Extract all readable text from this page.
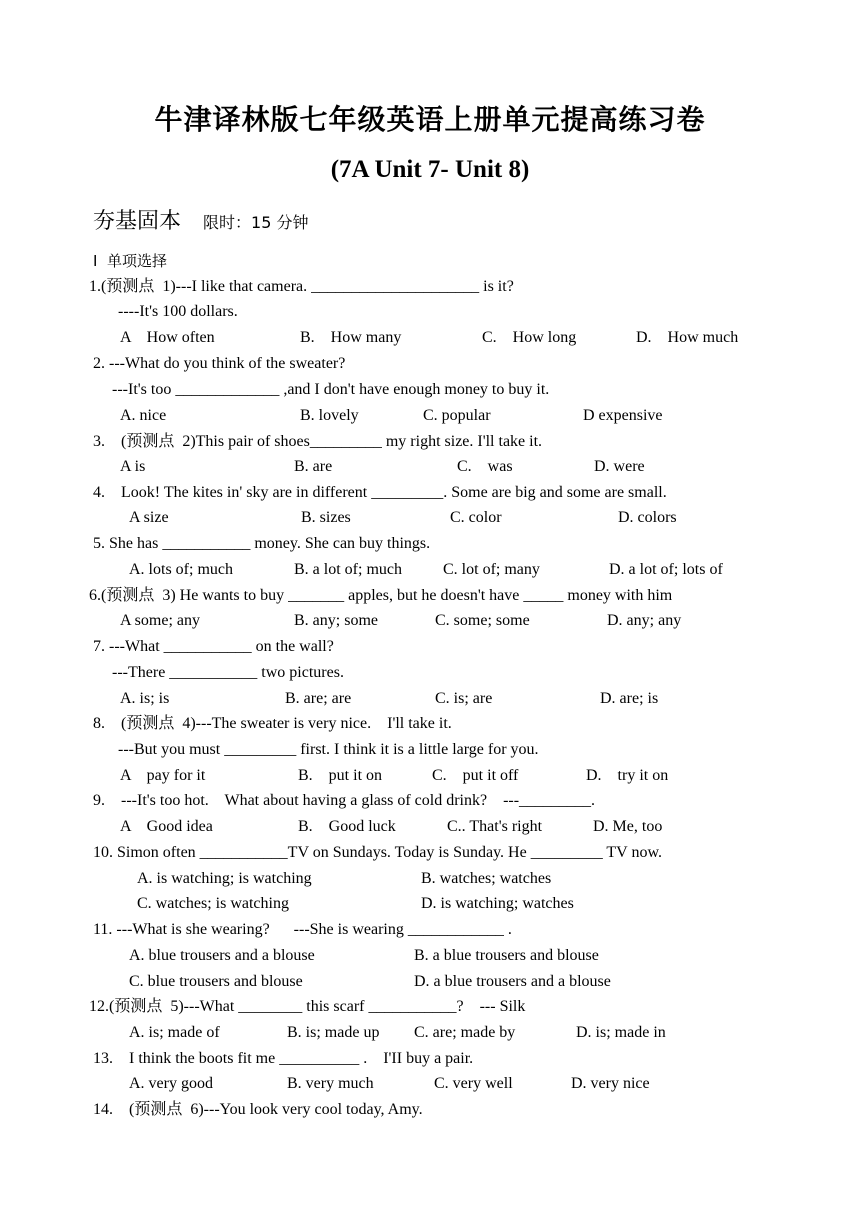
牛津译林版七年级英语上册单元提高练习卷
(7A Unit 7- Unit 8)
夯基固本 限时：15 分钟
I  单项选择
1.(预测点  1)---I like that camera. _____________________ is it?
----It's 100 dollars.
A    How often	B.    How many	C.    How long	D.    How much
2. ---What do you think of the sweater?
---It's too _____________ ,and I don't have enough money to buy it.
A. nice	B. lovely	C. popular	D expensive
3.    (预测点  2)This pair of shoes_________ my right size. I'll take it.
A is	B. are	C.    was	D. were
4.    Look! The kites in' sky are in different _________. Some are big and some are small.
A size	B. sizes	C. color	D. colors
5. She has ___________ money. She can buy things.
A. lots of; much	B. a lot of; much	C. lot of; many	D. a lot of; lots of
6.(预测点  3) He wants to buy _______ apples, but he doesn't have _____ money with him
A some; any	B. any; some	C. some; some	D. any; any
7. ---What ___________ on the wall?
---There ___________ two pictures.
A. is; is	B. are; are	C. is; are	D. are; is
8.    (预测点  4)---The sweater is very nice.    I'll take it.
---But you must _________ first. I think it is a little large for you.
A    pay for it	B.    put it on	C.    put it off	D.    try it on
9.    ---It's too hot.    What about having a glass of cold drink?    ---_________.
A    Good idea	B.    Good luck	C.. That's right	D. Me, too
10. Simon often ___________TV on Sundays. Today is Sunday. He _________ TV now.
A. is watching; is watching	B. watches; watches
C. watches; is watching	D. is watching; watches
11. ---What is she wearing?      ---She is wearing ____________ .
A. blue trousers and a blouse	B. a blue trousers and blouse
C. blue trousers and blouse	D. a blue trousers and a blouse
12.(预测点  5)---What ________ this scarf ___________?    --- Silk
A. is; made of	B. is; made up C. are; made by	D. is; made in
13.    I think the boots fit me __________ .    I'II buy a pair.
A. very good	B. very much	C. very well	D. very nice
14.    (预测点  6)---You look very cool today, Amy.
